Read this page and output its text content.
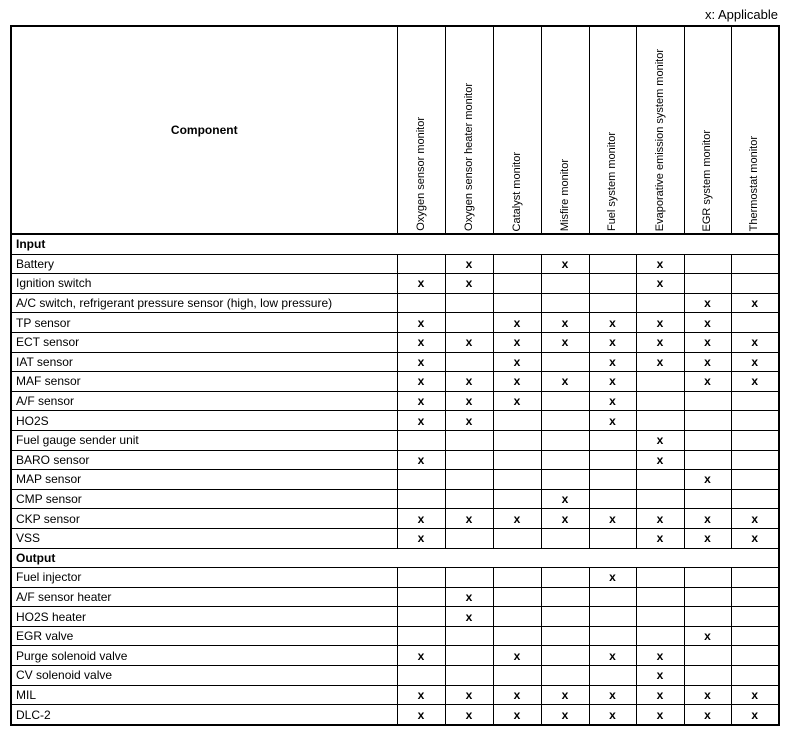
x: Applicable
Component	Oxygen sensor monitor	Oxygen sensor heater monitor	Catalyst monitor	Misfire monitor	Fuel system monitor	Evaporative emission system monitor	EGR system monitor	Thermostat monitor
Input								
Battery		x		x		x		
Ignition switch	x	x				x		
A/C switch, refrigerant pressure sensor (high, low pressure)							x	x
TP sensor	x		x	x	x	x	x	
ECT sensor	x	x	x	x	x	x	x	x
IAT sensor	x		x		x	x	x	x
MAF sensor	x	x	x	x	x		x	x
A/F sensor	x	x	x		x			
HO2S	x	x			x			
Fuel gauge sender unit						x		
BARO sensor	x					x		
MAP sensor							x	
CMP sensor				x				
CKP sensor	x	x	x	x	x	x	x	x
VSS	x					x	x	x
Output								
Fuel injector					x			
A/F sensor heater		x						
HO2S heater		x						
EGR valve							x	
Purge solenoid valve	x		x		x	x		
CV solenoid valve						x		
MIL	x	x	x	x	x	x	x	x
DLC-2	x	x	x	x	x	x	x	x
